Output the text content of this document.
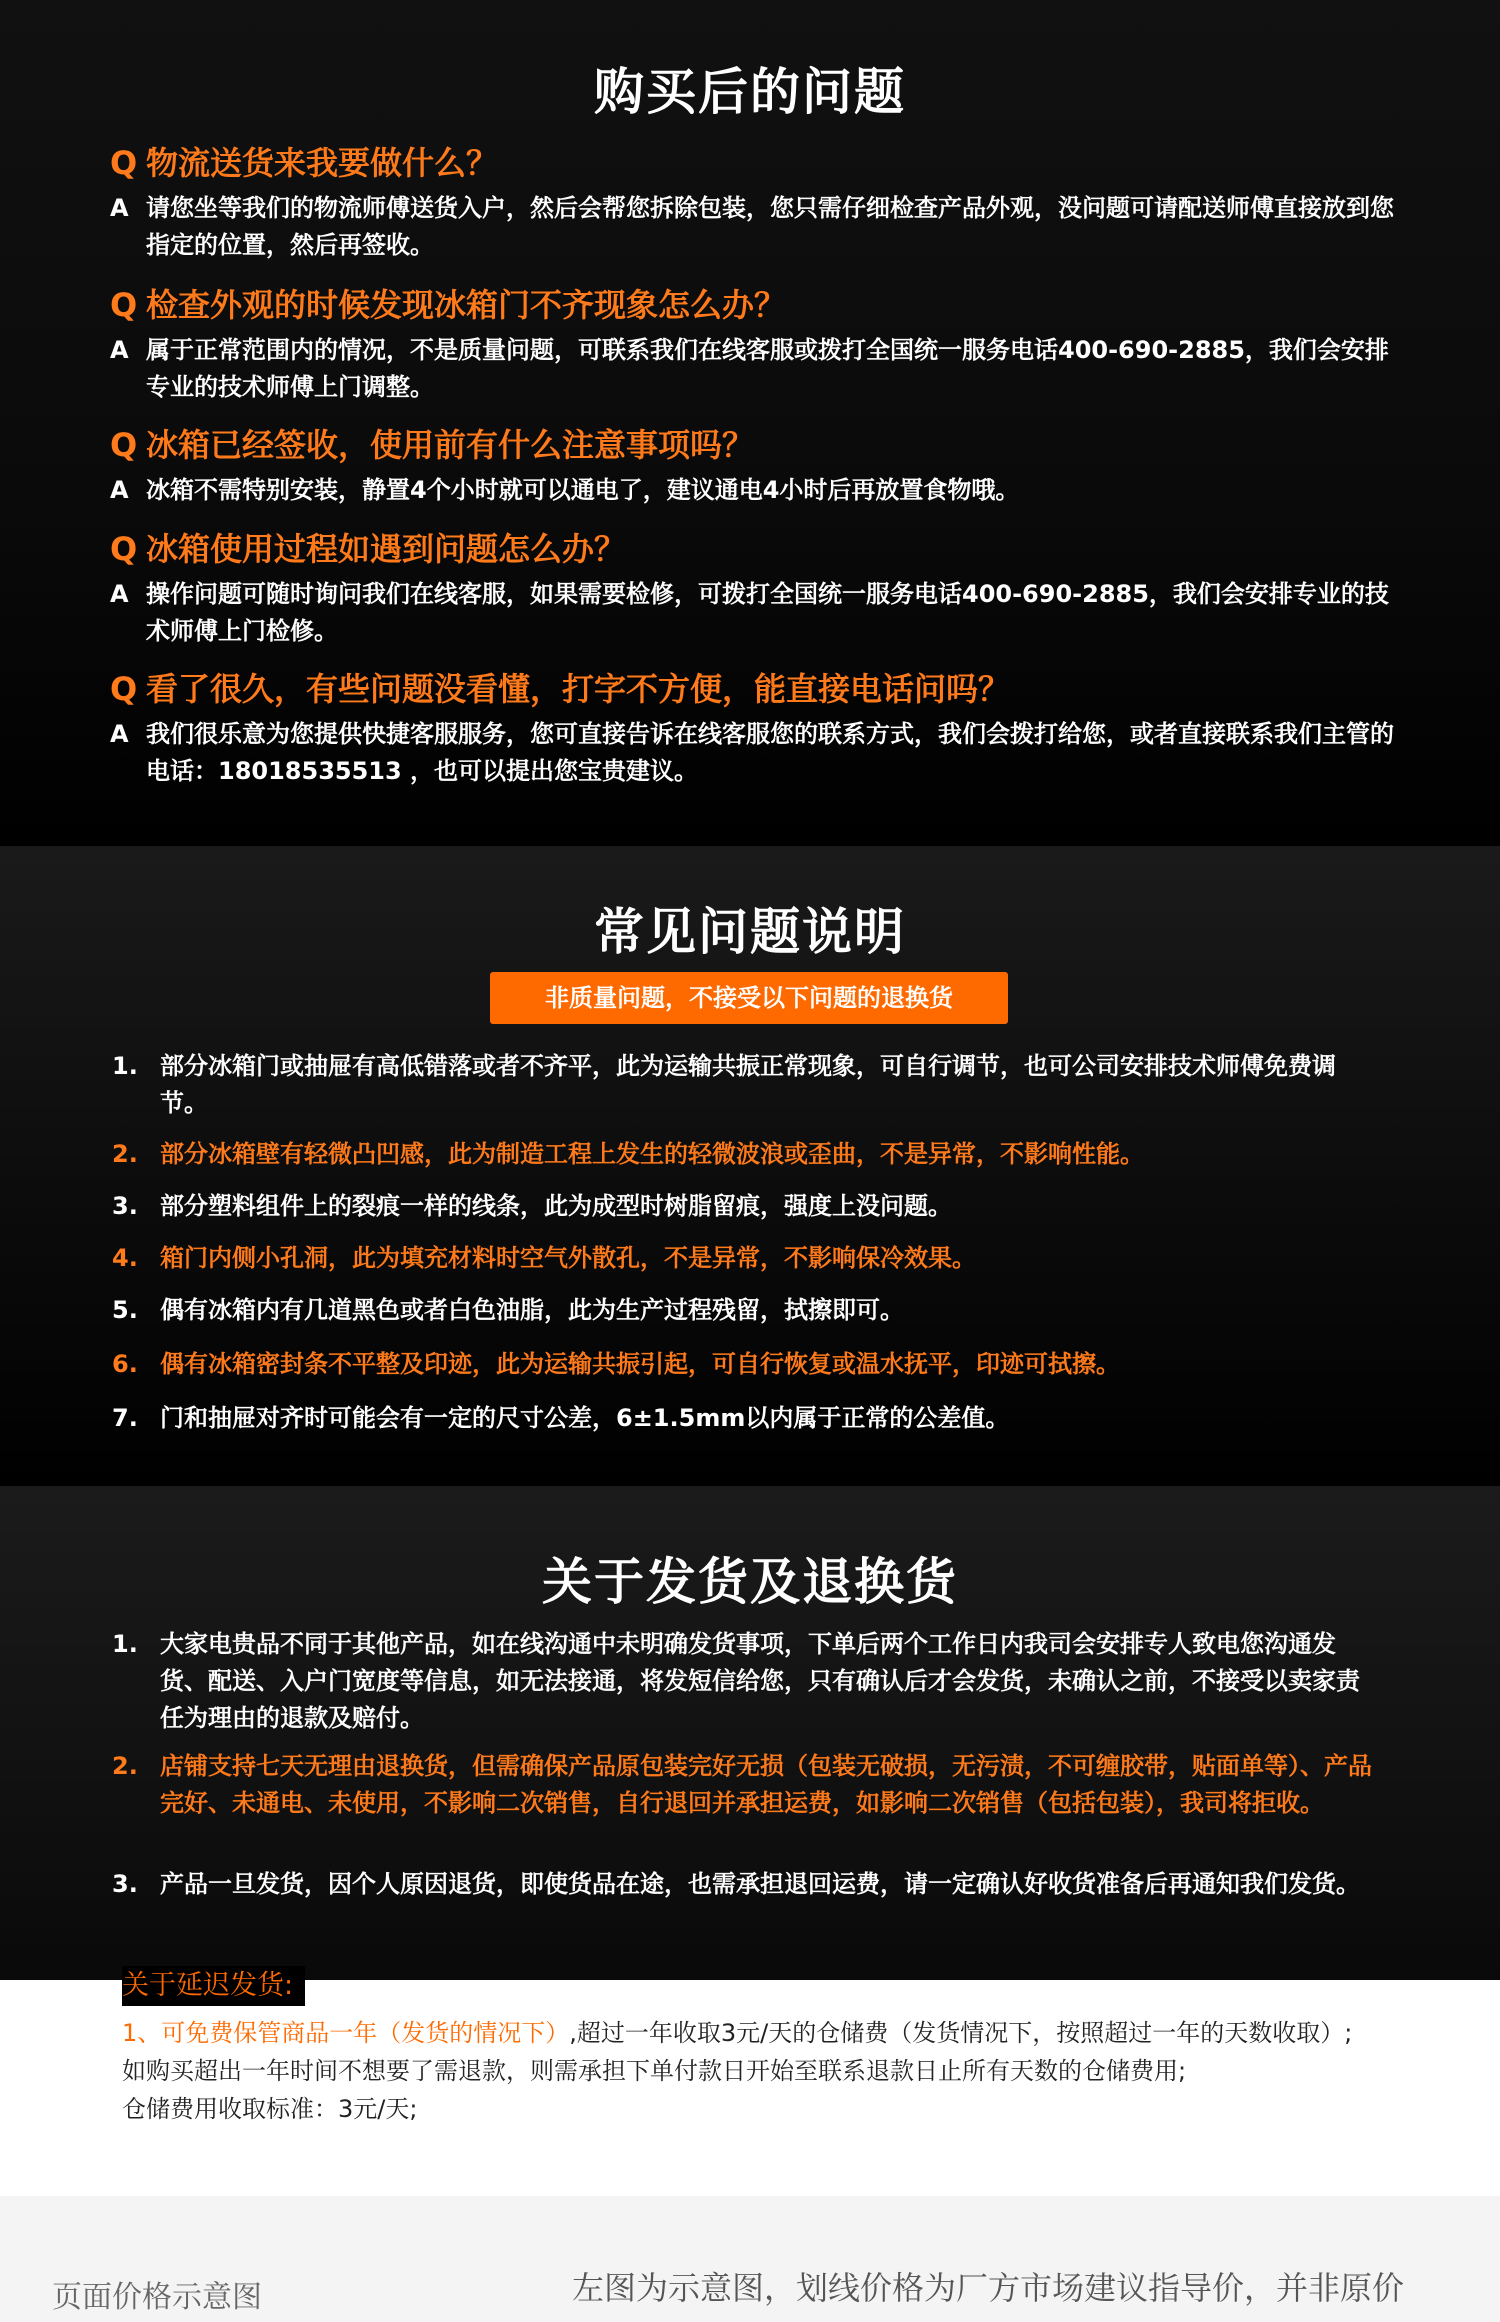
购买后的问题
Q 物流送货来我要做什么？
A 请您坐等我们的物流师傅送货入户，然后会帮您拆除包装，您只需仔细检查产品外观，没问题可请配送师傅直接放到您指定的位置，然后再签收。
Q 检查外观的时候发现冰箱门不齐现象怎么办？
A 属于正常范围内的情况，不是质量问题，可联系我们在线客服或拨打全国统一服务电话400-690-2885，我们会安排专业的技术师傅上门调整。
Q 冰箱已经签收，使用前有什么注意事项吗？
A 冰箱不需特别安装，静置4个小时就可以通电了，建议通电4小时后再放置食物哦。
Q 冰箱使用过程如遇到问题怎么办？
A 操作问题可随时询问我们在线客服，如果需要检修，可拨打全国统一服务电话400-690-2885，我们会安排专业的技术师傅上门检修。
Q 看了很久，有些问题没看懂，打字不方便，能直接电话问吗？
A 我们很乐意为您提供快捷客服服务，您可直接告诉在线客服您的联系方式，我们会拨打给您，或者直接联系我们主管的电话：18018535513 ，也可以提出您宝贵建议。
常见问题说明
非质量问题，不接受以下问题的退换货
1. 部分冰箱门或抽屉有高低错落或者不齐平，此为运输共振正常现象，可自行调节，也可公司安排技术师傅免费调节。
2. 部分冰箱壁有轻微凸凹感，此为制造工程上发生的轻微波浪或歪曲，不是异常，不影响性能。
3. 部分塑料组件上的裂痕一样的线条，此为成型时树脂留痕，强度上没问题。
4. 箱门内侧小孔洞，此为填充材料时空气外散孔，不是异常，不影响保冷效果。
5. 偶有冰箱内有几道黑色或者白色油脂，此为生产过程残留，拭擦即可。
6. 偶有冰箱密封条不平整及印迹，此为运输共振引起，可自行恢复或温水抚平，印迹可拭擦。
7. 门和抽屉对齐时可能会有一定的尺寸公差，6±1.5mm以内属于正常的公差值。
关于发货及退换货
1. 大家电贵品不同于其他产品，如在线沟通中未明确发货事项，下单后两个工作日内我司会安排专人致电您沟通发货、配送、入户门宽度等信息，如无法接通，将发短信给您，只有确认后才会发货，未确认之前，不接受以卖家责任为理由的退款及赔付。
2. 店铺支持七天无理由退换货，但需确保产品原包装完好无损（包装无破损，无污渍，不可缠胶带，贴面单等）、产品完好、未通电、未使用，不影响二次销售，自行退回并承担运费，如影响二次销售（包括包装），我司将拒收。
3. 产品一旦发货，因个人原因退货，即使货品在途，也需承担退回运费，请一定确认好收货准备后再通知我们发货。
关于延迟发货:
1、可免费保管商品一年（发货的情况下）,超过一年收取3元/天的仓储费（发货情况下，按照超过一年的天数收取）;
如购买超出一年时间不想要了需退款，则需承担下单付款日开始至联系退款日止所有天数的仓储费用;
仓储费用收取标准：3元/天;
页面价格示意图	左图为示意图，划线价格为厂方市场建议指导价，并非原价
